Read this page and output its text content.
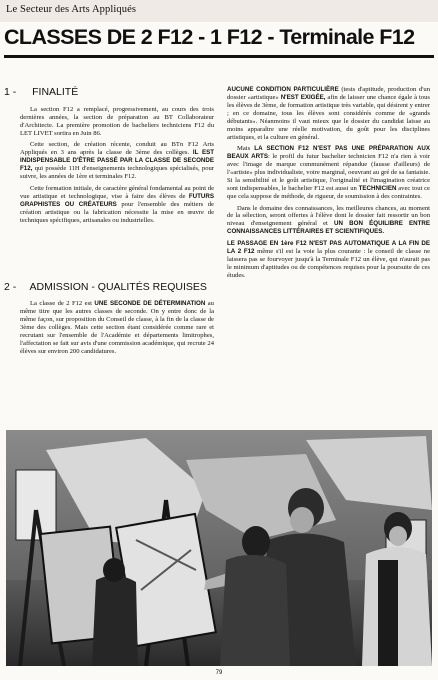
Le Secteur des Arts Appliqués
CLASSES DE 2 F12 - 1 F12 - Terminale F12
1 - FINALITÉ

La section F12 a remplacé, progressivement, au cours des trois dernières années, la section de préparation au BT Collaborateur d'Architecte. La première promotion de bacheliers techniciens F12 du LET LIVET sortira en Juin 86.

Cette section, de création récente, conduit au BTn F12 Arts Appliqués en 3 ans après la classe de 3ème des collèges. IL EST INDISPENSABLE D'ÊTRE PASSÉ PAR LA CLASSE DE SECONDE F12, qui possède 11H d'enseignements technologiques spécialisés, pour suivre, les années de 1ère et terminales F12.

Cette formation initiale, de caractère général fondamental au point de vue artistique et technologique, vise à faire des élèves de FUTURS GRAPHISTES OU CRÉATEURS pour l'ensemble des métiers de création artistique ou la fabrication nécessite la mise en œuvre de techniques spécifiques, artisanales ou industrielles.

2 - ADMISSION - QUALITÉS REQUISES

La classe de 2 F12 est UNE SECONDE DE DÉTERMINATION au même titre que les autres classes de seconde. On y entre donc de la même façon, sur proposition du Conseil de classe, à la fin de la classe de 3ème des collèges. Mais cette section étant considérée comme rare et recrutant sur l'ensemble de l'Académie et départements limitrophes, l'affectation se fait sur avis d'une commission académique, qui recrute 24 élèves sur environ 200 candidatures.

AUCUNE CONDITION PARTICULIÈRE (tests d'aptitude, production d'un dossier «artistique» N'EST EXIGÉE, afin de laisser une chance égale à tous les élèves de 3ème, de formation artistique très variable, qui désirent y entrer ; en ce domaine, tous les élèves sont considérés comme de «grands débutants». Néanmoins il vaut mieux que le dossier du candidat laisse au moins apparaître une réelle motivation, du goût pour les disciplines artistiques, et la culture en général.

Mais LA SECTION F12 N'EST PAS UNE PRÉPARATION AUX BEAUX ARTS: le profil du futur bachelier technicien F12 n'a rien à voir avec l'image de marque communément répandue (fausse d'ailleurs) de l'«artiste» plus individualiste, voire marginal, oeuvrant au gré de sa fantaisie. Si la sensibilité et le goût artistique, l'originalité et l'imagination créatrice sont indispensables, le bachelier F12 est aussi un TECHNICIEN avec tout ce que cela suppose de méthode, de rigueur, de soumission à des contraintes.

Dans le domaine des connaissances, les meilleures chances, au moment de la sélection, seront offertes à l'élève dont le dossier fait ressortir un bon niveau d'enseignement général et UN BON ÉQUILIBRE ENTRE CONNAISSANCES LITTÉRAIRES ET SCIENTIFIQUES.

LE PASSAGE EN 1ère F12 N'EST PAS AUTOMATIQUE A LA FIN DE LA 2 F12 même s'il est la voie la plus courante : le conseil de classe ne laissera pas se fourvoyer jusqu'à la Terminale F12 un élève, qui n'aurait pas le minimum d'aptitudes ou de compétences requises pour la poursuite de ces études.

79
